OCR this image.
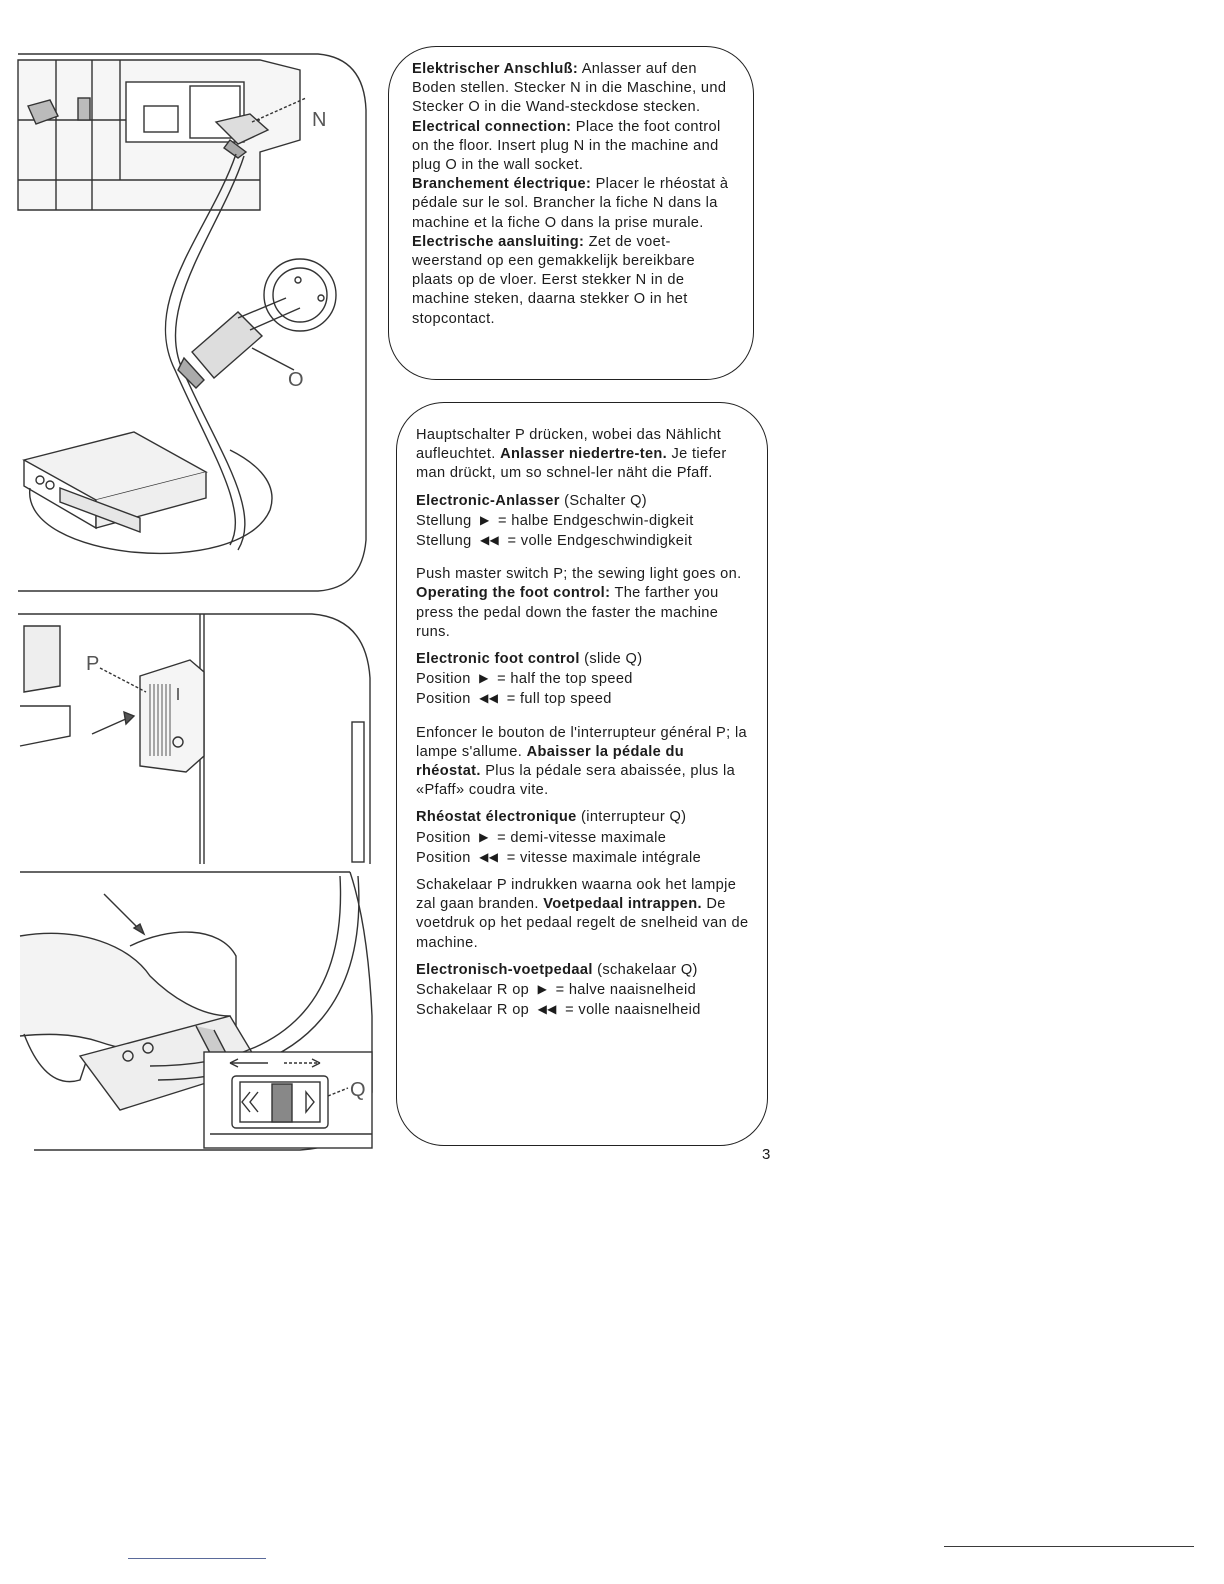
N
O
P
Q

Elektrischer Anschluß: Anlasser auf den Boden stellen. Stecker N in die Maschine, und Stecker O in die Wand-steckdose stecken.

Electrical connection: Place the foot control on the floor. Insert plug N in the machine and plug O in the wall socket.

Branchement électrique: Placer le rhéostat à pédale sur le sol. Brancher la fiche N dans la machine et la fiche O dans la prise murale.

Electrische aansluiting: Zet de voet-weerstand op een gemakkelijk bereikbare plaats op de vloer. Eerst stekker N in de machine steken, daarna stekker O in het stopcontact.

Hauptschalter P drücken, wobei das Nählicht aufleuchtet. Anlasser niedertre-ten. Je tiefer man drückt, um so schnel-ler näht die Pfaff.

Electronic-Anlasser (Schalter Q)

Stellung ▶ = halbe Endgeschwin-digkeit

Stellung ◀◀ = volle Endgeschwindigkeit

Push master switch P; the sewing light goes on. Operating the foot control: The farther you press the pedal down the faster the machine runs.

Electronic foot control (slide Q)

Position ▶ = half the top speed

Position ◀◀ = full top speed

Enfoncer le bouton de l'interrupteur général P; la lampe s'allume. Abaisser la pédale du rhéostat. Plus la pédale sera abaissée, plus la «Pfaff» coudra vite.

Rhéostat électronique (interrupteur Q)

Position ▶ = demi-vitesse maximale

Position ◀◀ = vitesse maximale intégrale

Schakelaar P indrukken waarna ook het lampje zal gaan branden. Voetpedaal intrappen. De voetdruk op het pedaal regelt de snelheid van de machine.

Electronisch-voetpedaal (schakelaar Q)

Schakelaar R op ▶ = halve naaisnelheid

Schakelaar R op ◀◀ = volle naaisnelheid

3
